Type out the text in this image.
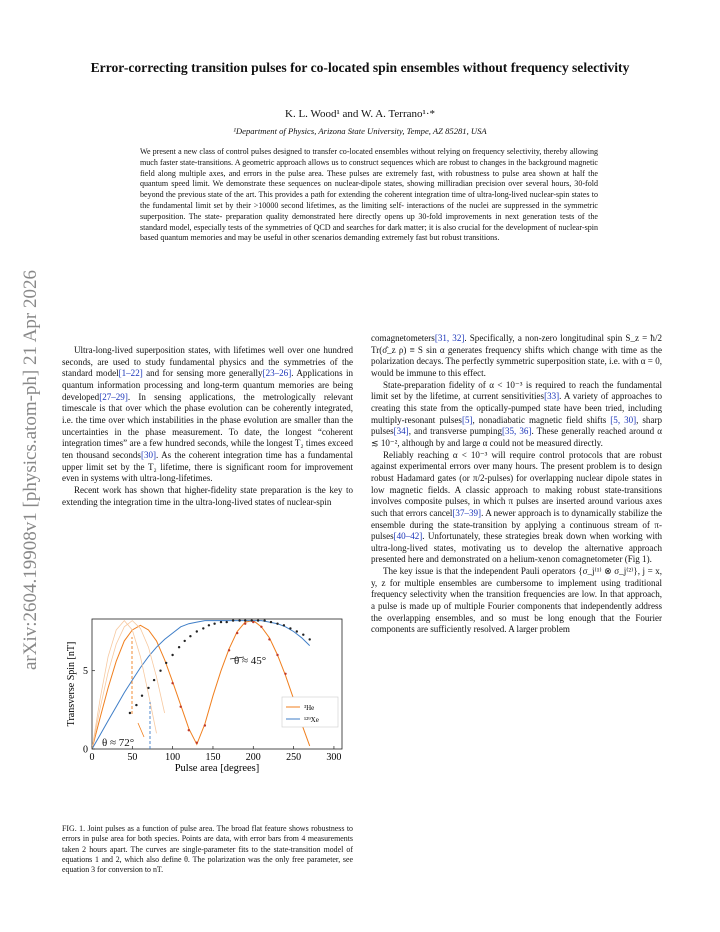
arXiv:2604.19908v1 [physics.atom-ph] 21 Apr 2026
Error-correcting transition pulses for co-located spin ensembles without frequency selectivity
K. L. Wood¹ and W. A. Terrano¹·*
¹Department of Physics, Arizona State University, Tempe, AZ 85281, USA
We present a new class of control pulses designed to transfer co-located ensembles without relying on frequency selectivity, thereby allowing much faster state-transitions. A geometric approach allows us to construct sequences which are robust to changes in the background magnetic field along multiple axes, and errors in the pulse area. These pulses are extremely fast, with robustness to pulse area shown at half the quantum speed limit. We demonstrate these sequences on nuclear-dipole states, showing milliradian precision over several hours, 30-fold beyond the previous state of the art. This provides a path for extending the coherent integration time of ultra-long-lived nuclear-spin states to the fundamental limit set by their >10000 second lifetimes, as the limiting self- interactions of the nuclei are suppressed in the symmetric superposition. The state- preparation quality demonstrated here directly opens up 30-fold improvements in next generation tests of the standard model, especially tests of the symmetries of QCD and searches for dark matter; it is also crucial for the development of nuclear-spin based quantum memories and may be useful in other scenarios demanding extremely fast but robust transitions.

Ultra-long-lived superposition states, with lifetimes well over one hundred seconds, are used to study fundamental physics and the symmetries of the standard model[1–22] and for sensing more generally[23–26]. Applications in quantum information processing and long-term quantum memories are being developed[27–29]. In sensing applications, the metrologically relevant timescale is that over which the phase evolution can be coherently integrated, i.e. the time over which instabilities in the phase evolution are smaller than the uncertainties in the phase measurement. To date, the longest “coherent integration times” are a few hundred seconds, while the longest T₂ times exceed ten thousand seconds[30]. As the coherent integration time has a fundamental upper limit set by the T₂ lifetime, there is significant room for improvement even in systems with ultra-long-lifetimes.

Recent work has shown that higher-fidelity state preparation is the key to extending the integration time in the ultra-long-lived states of nuclear-spin

comagnetometers[31, 32]. Specifically, a non-zero longitudinal spin S_z = ħ/2 Tr(σ̂_z ρ) ≡ S sin α generates frequency shifts which change with time as the polarization decays. The perfectly symmetric superposition state, i.e. with α = 0, would be immune to this effect.

State-preparation fidelity of α < 10⁻³ is required to reach the fundamental limit set by the lifetime, at current sensitivities[33]. A variety of approaches to creating this state from the optically-pumped state have been tried, including multiply-resonant pulses[5], nonadiabatic magnetic field shifts [5, 30], sharp pulses[34], and transverse pumping[35, 36]. These generally reached around α ≲ 10⁻², although by and large α could not be measured directly.

Reliably reaching α < 10⁻³ will require control protocols that are robust against experimental errors over many hours. The present problem is to design robust Hadamard gates (or π/2-pulses) for overlapping nuclear dipole states in low magnetic fields. A classic approach to making robust state-transitions involves composite pulses, in which π pulses are inserted around various axes such that errors cancel[37–39]. A newer approach is to dynamically stabilize the ensemble during the state-transition by applying a continuous stream of π-pulses[40–42]. Unfortunately, these strategies break down when working with ultra-long-lived states, motivating us to develop the alternative approach presented here and demonstrated on a helium-xenon comagnetometer (Fig 1).

The key issue is that the independent Pauli operators {σ_j⁽¹⁾ ⊗ σ_j⁽²⁾}, j = x, y, z for multiple ensembles are cumbersome to implement using traditional frequency selectivity when the transition frequencies are low. In that approach, a pulse is made up of multiple Fourier components that independently address the overlapping ensembles, and so must be long enough that the Fourier components are sufficiently resolved. A larger problem

0	50	100	150	200	250	300
0
5
θ ≈ 45°
θ ≈ 72°
³He
¹²⁹Xe
Pulse area [degrees]
Transverse Spin [nT]
FIG. 1. Joint pulses as a function of pulse area. The broad flat feature shows robustness to errors in pulse area for both species. Points are data, with error bars from 4 measurements taken 2 hours apart. The curves are single-parameter fits to the state-transition model of equations 1 and 2, which also define θ. The polarization was the only free parameter, see equation 3 for conversion to nT.
